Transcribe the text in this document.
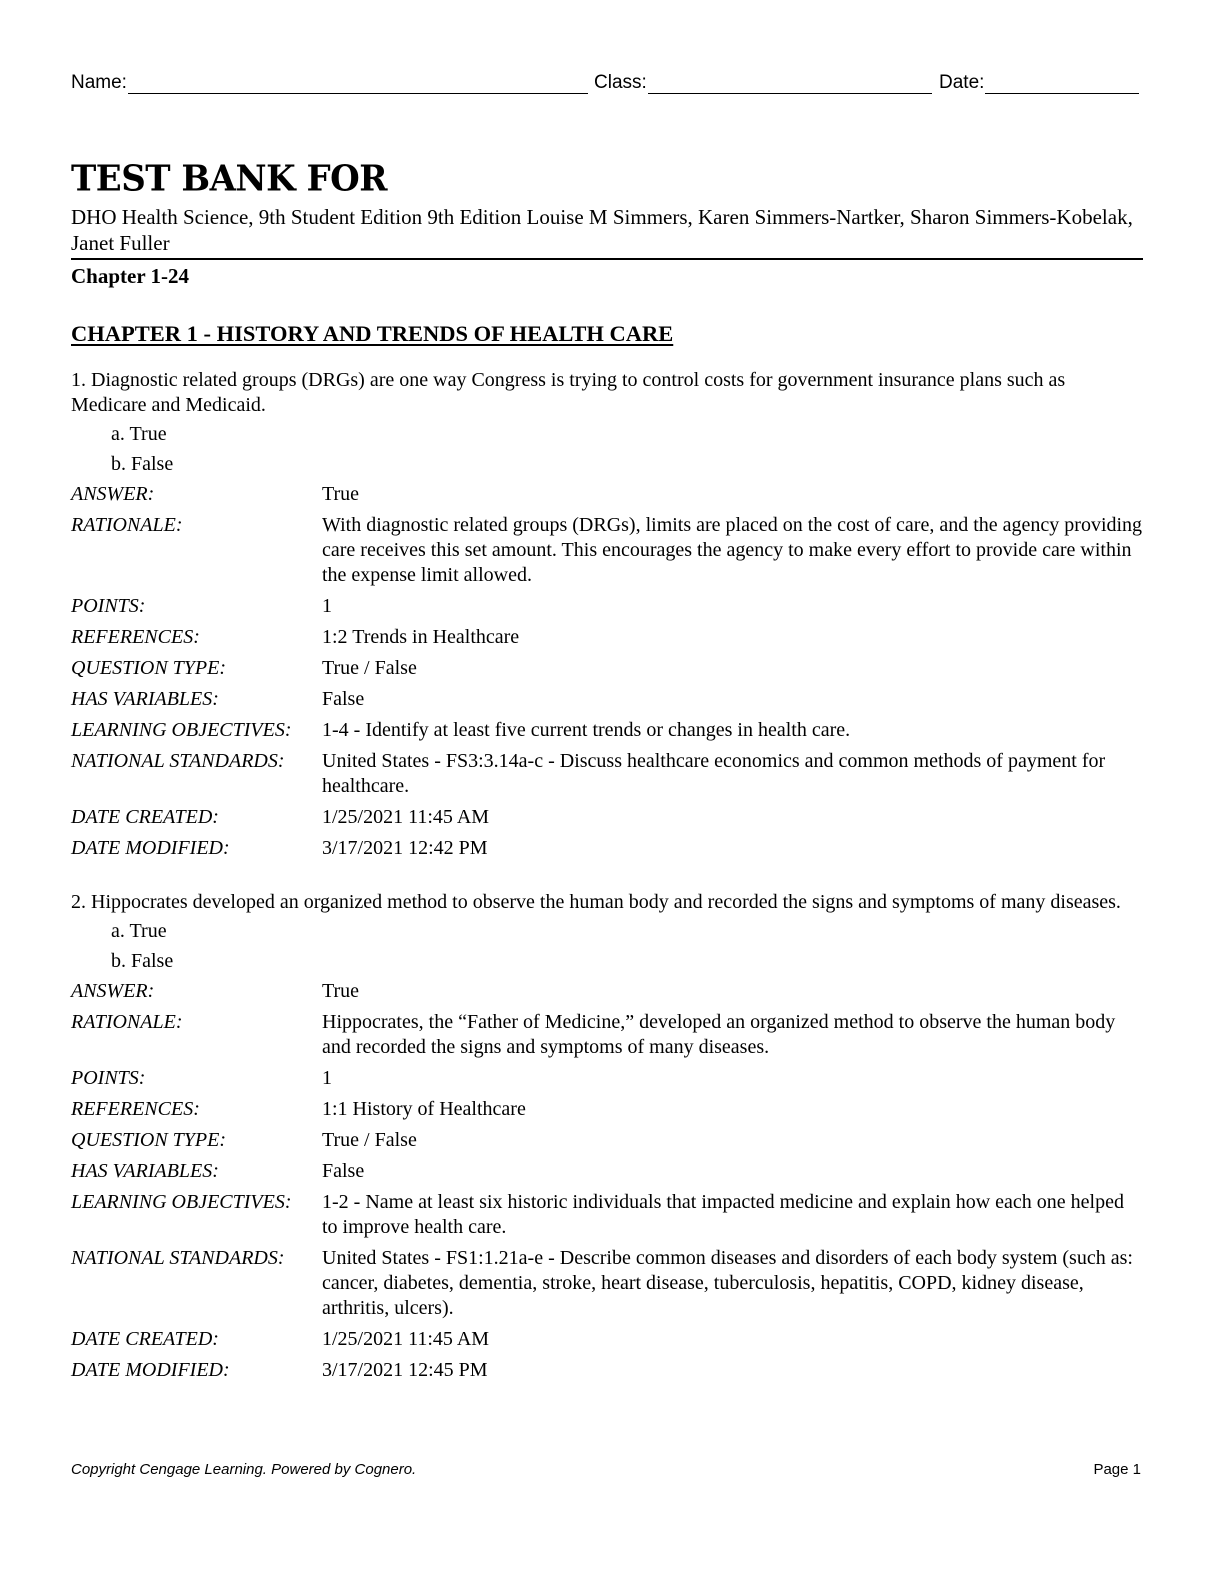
Name:	Class:	Date:
TEST BANK FOR
DHO Health Science, 9th Student Edition 9th Edition Louise M Simmers, Karen Simmers-Nartker, Sharon Simmers-Kobelak, Janet Fuller
Chapter 1-24
CHAPTER 1 - HISTORY AND TRENDS OF HEALTH CARE

1. Diagnostic related groups (DRGs) are one way Congress is trying to control costs for government insurance plans such as Medicare and Medicaid.

a. True
b. False
ANSWER:	True
RATIONALE:	With diagnostic related groups (DRGs), limits are placed on the cost of care, and the agency providing care receives this set amount. This encourages the agency to make every effort to provide care within the expense limit allowed.
POINTS:	1
REFERENCES:	1:2 Trends in Healthcare
QUESTION TYPE:	True / False
HAS VARIABLES:	False
LEARNING OBJECTIVES:	1-4 - Identify at least five current trends or changes in health care.
NATIONAL STANDARDS:	United States - FS3:3.14a-c - Discuss healthcare economics and common methods of payment for healthcare.
DATE CREATED:	1/25/2021 11:45 AM
DATE MODIFIED:	3/17/2021 12:42 PM

2. Hippocrates developed an organized method to observe the human body and recorded the signs and symptoms of many diseases.

a. True
b. False
ANSWER:	True
RATIONALE:	Hippocrates, the “Father of Medicine,” developed an organized method to observe the human body and recorded the signs and symptoms of many diseases.
POINTS:	1
REFERENCES:	1:1 History of Healthcare
QUESTION TYPE:	True / False
HAS VARIABLES:	False
LEARNING OBJECTIVES:	1-2 - Name at least six historic individuals that impacted medicine and explain how each one helped to improve health care.
NATIONAL STANDARDS:	United States - FS1:1.21a-e - Describe common diseases and disorders of each body system (such as: cancer, diabetes, dementia, stroke, heart disease, tuberculosis, hepatitis, COPD, kidney disease, arthritis, ulcers).
DATE CREATED:	1/25/2021 11:45 AM
DATE MODIFIED:	3/17/2021 12:45 PM
Copyright Cengage Learning. Powered by Cognero.	Page 1
